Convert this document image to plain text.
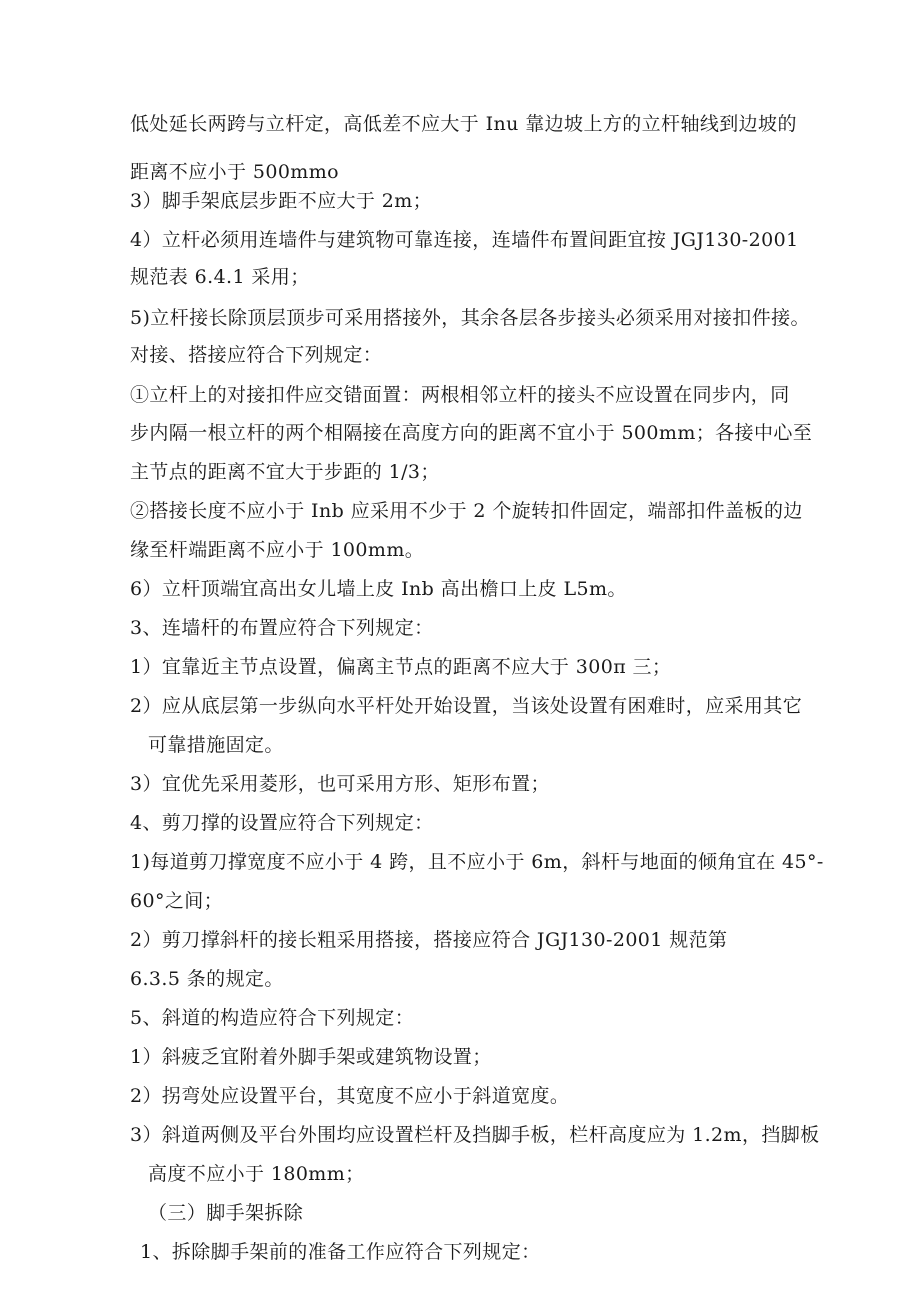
低处延长两跨与立杆定，高低差不应大于 Inu 靠边坡上方的立杆轴线到边坡的
距离不应小于 500mmo
3）脚手架底层步距不应大于 2m；
4）立杆必须用连墙件与建筑物可靠连接，连墙件布置间距宜按 JGJ130-2001
规范表 6.4.1 采用；
5)立杆接长除顶层顶步可采用搭接外，其余各层各步接头必须采用对接扣件接。
对接、搭接应符合下列规定：
①立杆上的对接扣件应交错面置：两根相邻立杆的接头不应设置在同步内，同
步内隔一根立杆的两个相隔接在高度方向的距离不宜小于 500mm；各接中心至
主节点的距离不宜大于步距的 1/3；
②搭接长度不应小于 Inb 应采用不少于 2 个旋转扣件固定，端部扣件盖板的边
缘至杆端距离不应小于 100mm。
6）立杆顶端宜高出女儿墙上皮 Inb 高出檐口上皮 L5m。
3、连墙杆的布置应符合下列规定：
1）宜靠近主节点设置，偏离主节点的距离不应大于 300π 三；
2）应从底层第一步纵向水平杆处开始设置，当该处设置有困难时，应采用其它
可靠措施固定。
3）宜优先采用菱形，也可采用方形、矩形布置；
4、剪刀撑的设置应符合下列规定：
1)每道剪刀撑宽度不应小于 4 跨，且不应小于 6m，斜杆与地面的倾角宜在 45°-
60°之间；
2）剪刀撑斜杆的接长粗采用搭接，搭接应符合 JGJ130-2001 规范第
6.3.5 条的规定。
5、斜道的构造应符合下列规定：
1）斜疲乏宜附着外脚手架或建筑物设置；
2）拐弯处应设置平台，其宽度不应小于斜道宽度。
3）斜道两侧及平台外围均应设置栏杆及挡脚手板，栏杆高度应为 1.2m，挡脚板
高度不应小于 180mm；
（三）脚手架拆除
1、拆除脚手架前的准备工作应符合下列规定：
